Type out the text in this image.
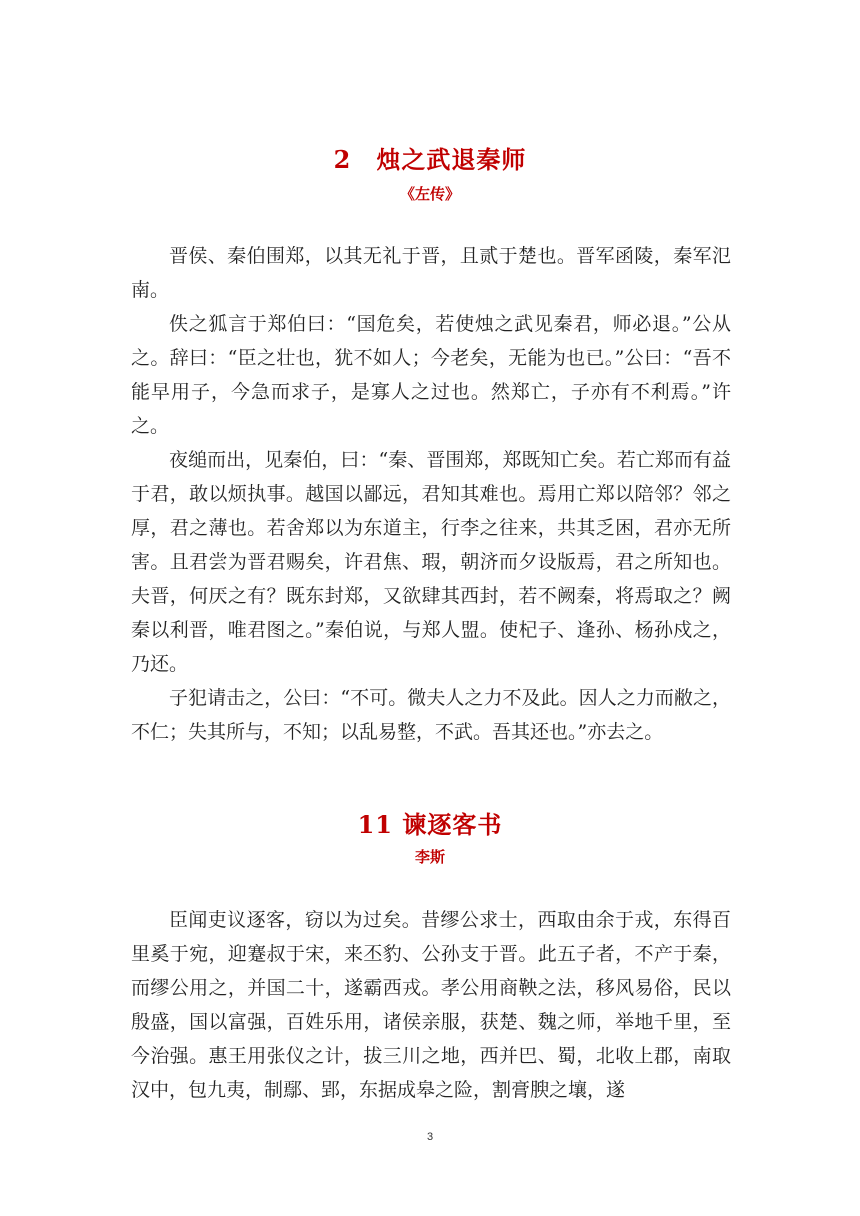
2　烛之武退秦师
《左传》

晋侯、秦伯围郑，以其无礼于晋，且贰于楚也。晋军函陵，秦军氾南。

佚之狐言于郑伯曰：“国危矣，若使烛之武见秦君，师必退。”公从之。辞曰：“臣之壮也，犹不如人；今老矣，无能为也已。”公曰：“吾不能早用子，今急而求子，是寡人之过也。然郑亡，子亦有不利焉。”许之。

夜缒而出，见秦伯，曰：“秦、晋围郑，郑既知亡矣。若亡郑而有益于君，敢以烦执事。越国以鄙远，君知其难也。焉用亡郑以陪邻？邻之厚，君之薄也。若舍郑以为东道主，行李之往来，共其乏困，君亦无所害。且君尝为晋君赐矣，许君焦、瑕，朝济而夕设版焉，君之所知也。夫晋，何厌之有？既东封郑，又欲肆其西封，若不阙秦，将焉取之？阙秦以利晋，唯君图之。”秦伯说，与郑人盟。使杞子、逢孙、杨孙戍之，乃还。

子犯请击之，公曰：“不可。微夫人之力不及此。因人之力而敝之，不仁；失其所与，不知；以乱易整，不武。吾其还也。”亦去之。

11 谏逐客书
李斯

臣闻吏议逐客，窃以为过矣。昔缪公求士，西取由余于戎，东得百里奚于宛，迎蹇叔于宋，来丕豹、公孙支于晋。此五子者，不产于秦，而缪公用之，并国二十，遂霸西戎。孝公用商鞅之法，移风易俗，民以殷盛，国以富强，百姓乐用，诸侯亲服，获楚、魏之师，举地千里，至今治强。惠王用张仪之计，拔三川之地，西并巴、蜀，北收上郡，南取汉中，包九夷，制鄢、郢，东据成皋之险，割膏腴之壤，遂

3
